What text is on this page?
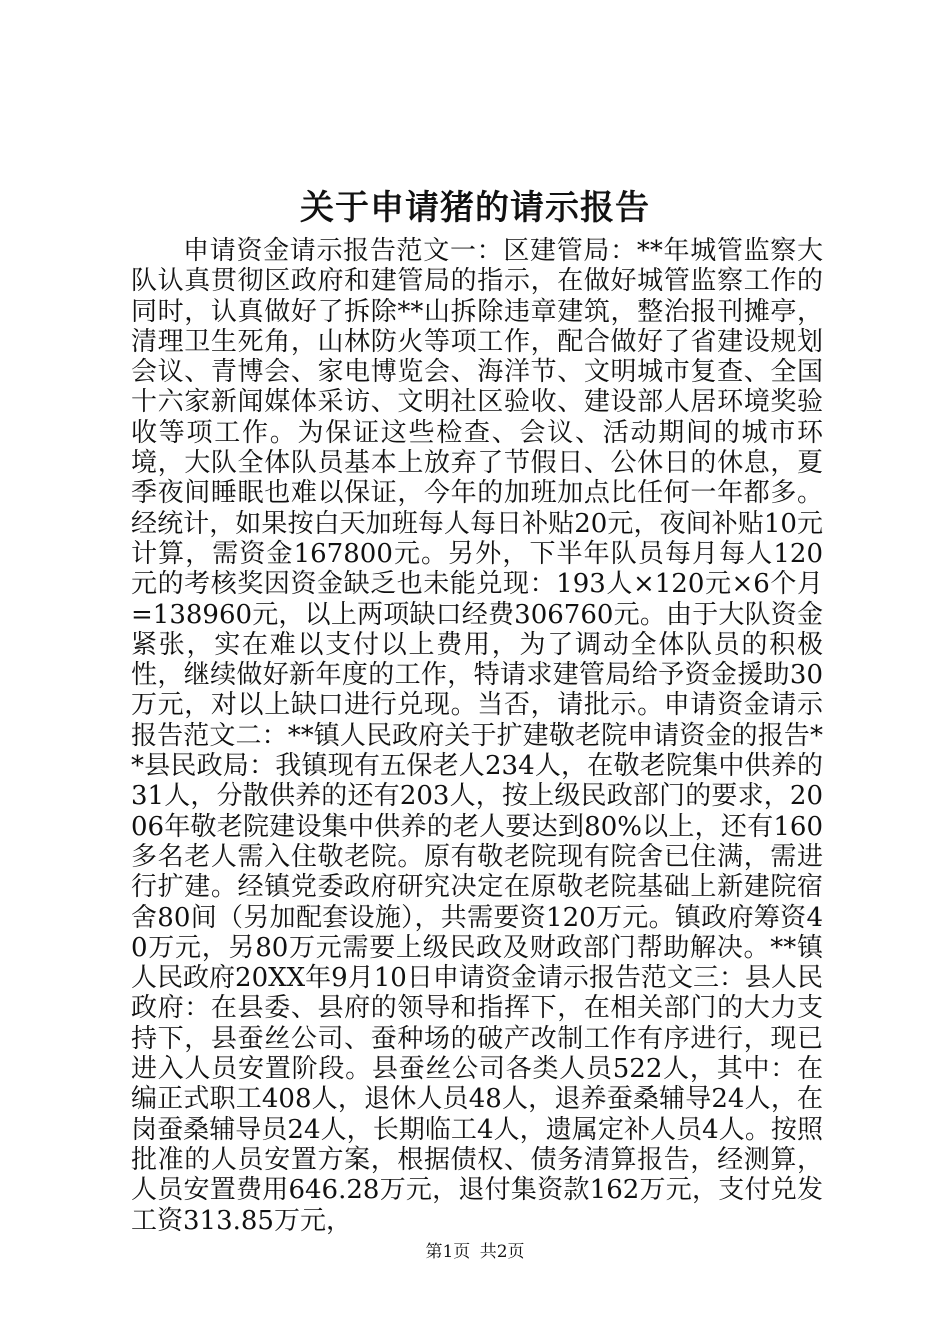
关于申请猪的请示报告

申请资金请示报告范文一：区建管局：**年城管监察大队认真贯彻区政府和建管局的指示，在做好城管监察工作的同时，认真做好了拆除**山拆除违章建筑，整治报刊摊亭，清理卫生死角，山林防火等项工作，配合做好了省建设规划会议、青博会、家电博览会、海洋节、文明城市复查、全国十六家新闻媒体采访、文明社区验收、建设部人居环境奖验收等项工作。为保证这些检查、会议、活动期间的城市环境，大队全体队员基本上放弃了节假日、公休日的休息，夏季夜间睡眠也难以保证，今年的加班加点比任何一年都多。经统计，如果按白天加班每人每日补贴20元，夜间补贴10元计算，需资金167800元。另外，下半年队员每月每人120元的考核奖因资金缺乏也未能兑现：193人×120元×6个月=138960元，以上两项缺口经费306760元。由于大队资金紧张，实在难以支付以上费用，为了调动全体队员的积极性，继续做好新年度的工作，特请求建管局给予资金援助30万元，对以上缺口进行兑现。当否，请批示。申请资金请示报告范文二：**镇人民政府关于扩建敬老院申请资金的报告**县民政局：我镇现有五保老人234人，在敬老院集中供养的31人，分散供养的还有203人，按上级民政部门的要求，2006年敬老院建设集中供养的老人要达到80%以上，还有160多名老人需入住敬老院。原有敬老院现有院舍已住满，需进行扩建。经镇党委政府研究决定在原敬老院基础上新建院宿舍80间（另加配套设施），共需要资120万元。镇政府筹资40万元，另80万元需要上级民政及财政部门帮助解决。**镇人民政府20XX年9月10日申请资金请示报告范文三：县人民政府：在县委、县府的领导和指挥下，在相关部门的大力支持下，县蚕丝公司、蚕种场的破产改制工作有序进行，现已进入人员安置阶段。县蚕丝公司各类人员522人，其中：在编正式职工408人，退休人员48人，退养蚕桑辅导24人，在岗蚕桑辅导员24人，长期临工4人，遗属定补人员4人。按照批准的人员安置方案，根据债权、债务清算报告，经测算，人员安置费用646.28万元，退付集资款162万元，支付兑发工资313.85万元，

第1页 共2页
